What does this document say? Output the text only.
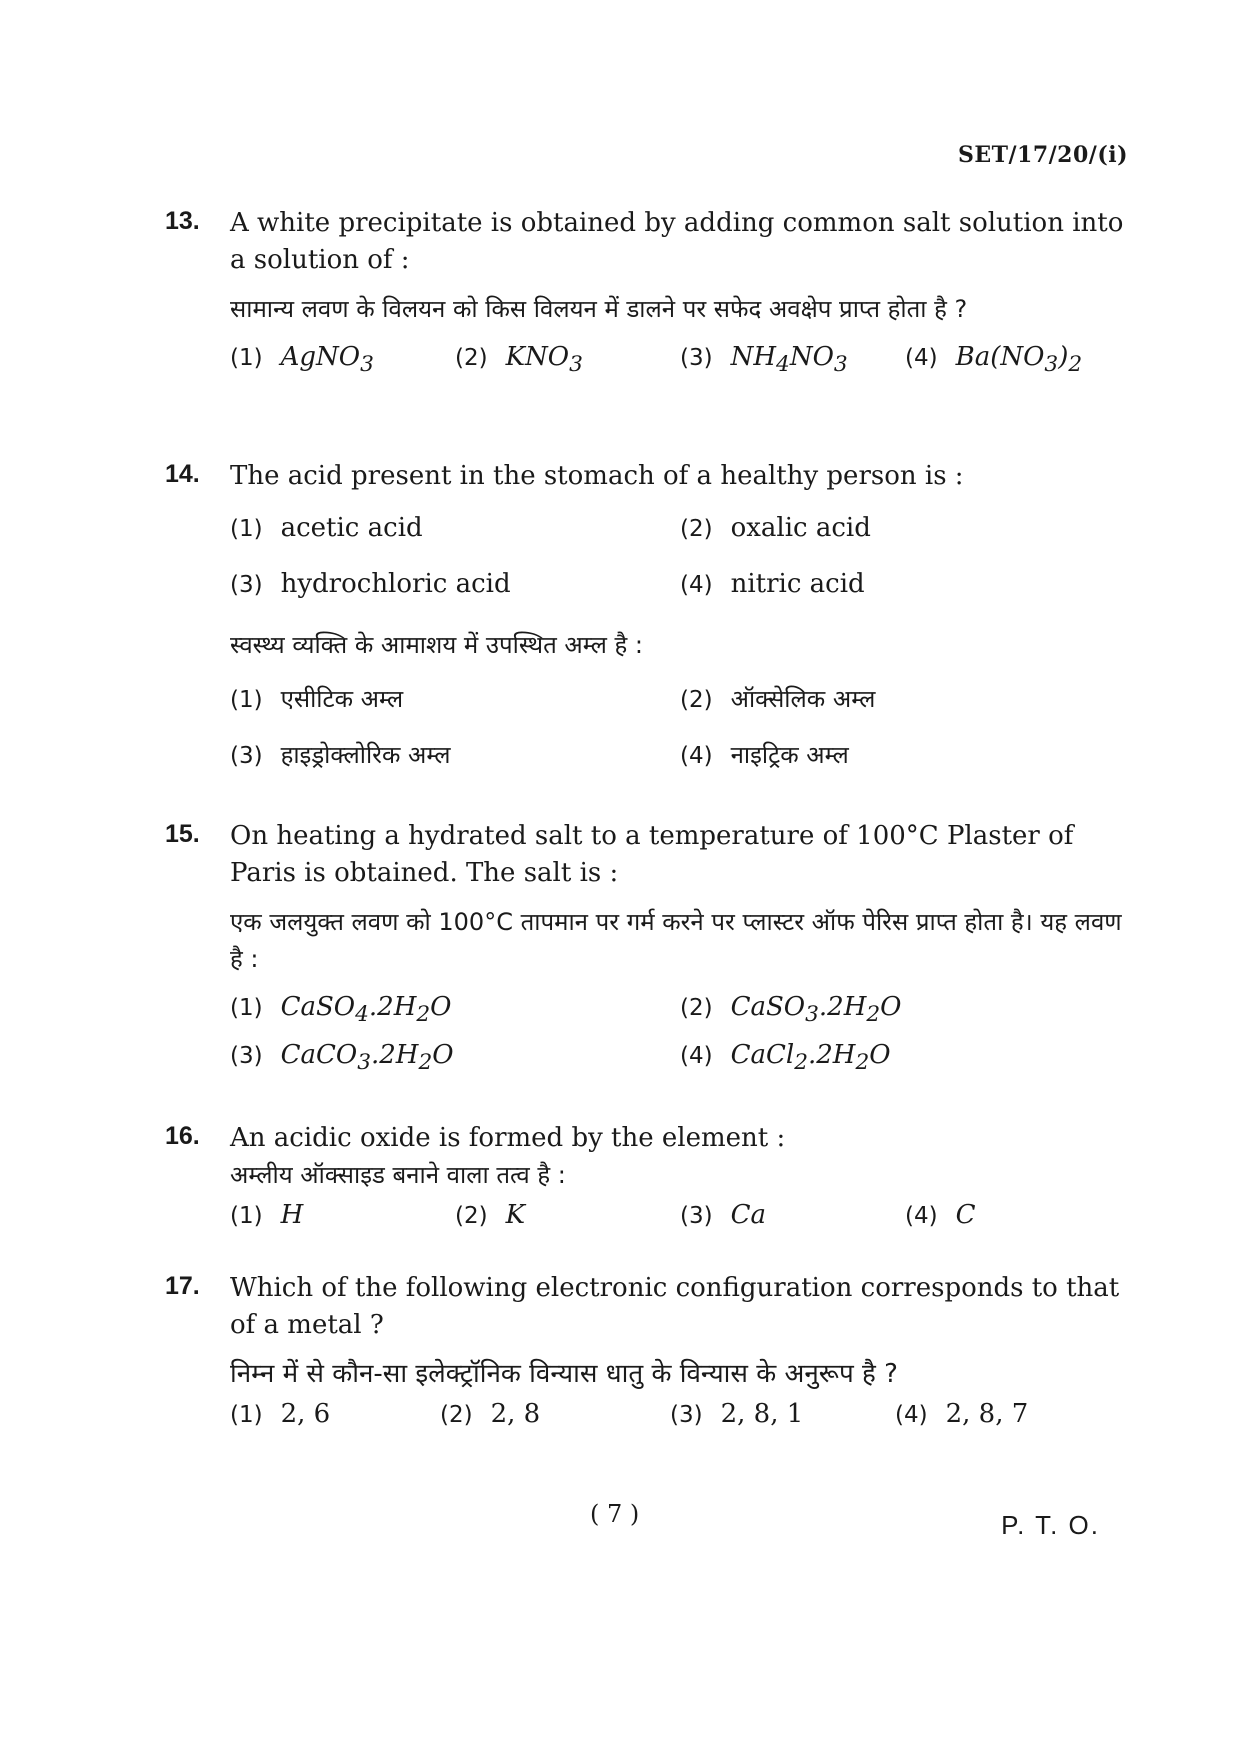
SET/17/20/(i)
13. A white precipitate is obtained by adding common salt solution into a solution of :
सामान्य लवण के विलयन को किस विलयन में डालने पर सफेद अवक्षेप प्राप्त होता है ?
(1) AgNO$_3$	(2) $KNO_3$	(3) $NH_4NO_3$ (4) $Ba(NO_3)_2$
14. The acid present in the stomach of a healthy person is :
(1) acetic acid	(2) oxalic acid
(3) hydrochloric acid	(4) nitric acid
स्वस्थ्य व्यक्ति के आमाशय में उपस्थित अम्ल है :
(1) एसीटिक अम्ल	(2) ऑक्सेलिक अम्ल
(3) हाइड्रोक्लोरिक अम्ल	(4) नाइट्रिक अम्ल
15. On heating a hydrated salt to a temperature of 100°C Plaster of Paris is obtained. The salt is :
एक जलयुक्त लवण को 100°C तापमान पर गर्म करने पर प्लास्टर ऑफ पेरिस प्राप्त होता है। यह लवण है :
(1) $CaSO_4.2H_2O$	(2) $CaSO_3.2H_2O$
(3) $CaCO_3.2H_2O$	(4) $CaCl_2.2H_2O$
16. An acidic oxide is formed by the element :
अम्लीय ऑक्साइड बनाने वाला तत्व है :
(1) H	(2) K	(3) Ca	(4) C
17. Which of the following electronic configuration corresponds to that of a metal ?
निम्न में से कौन-सा इलेक्ट्रॉनिक विन्यास धातु के विन्यास के अनुरूप है ?
(1) 2, 6	(2) 2, 8	(3) 2, 8, 1	(4) 2, 8, 7
( 7 )	P. T. O.
